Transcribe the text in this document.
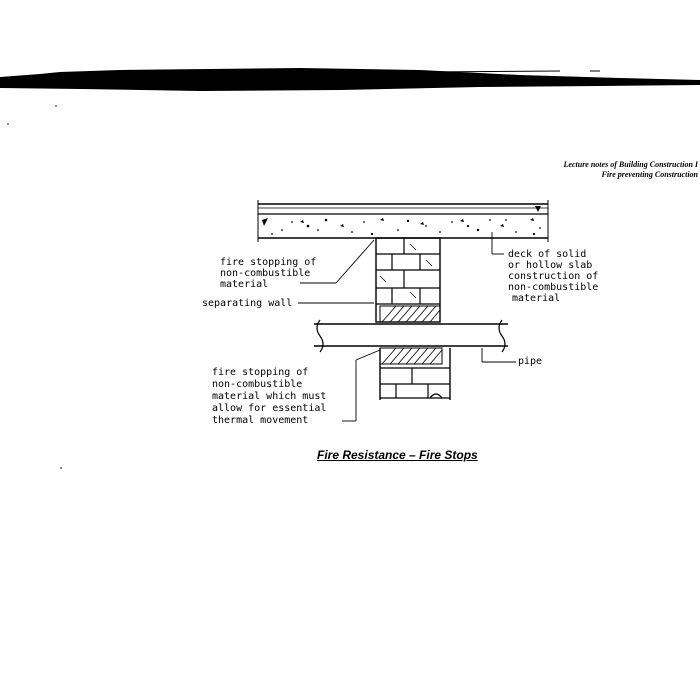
Lecture notes of Building Construction I
Fire preventing Construction
fire stopping of
non-combustible
material
separating wall
deck of solid
or hollow slab
construction of
non-combustible
material
pipe
fire stopping of
non-combustible
material which must
allow for essential
thermal movement
Fire Resistance – Fire Stops
